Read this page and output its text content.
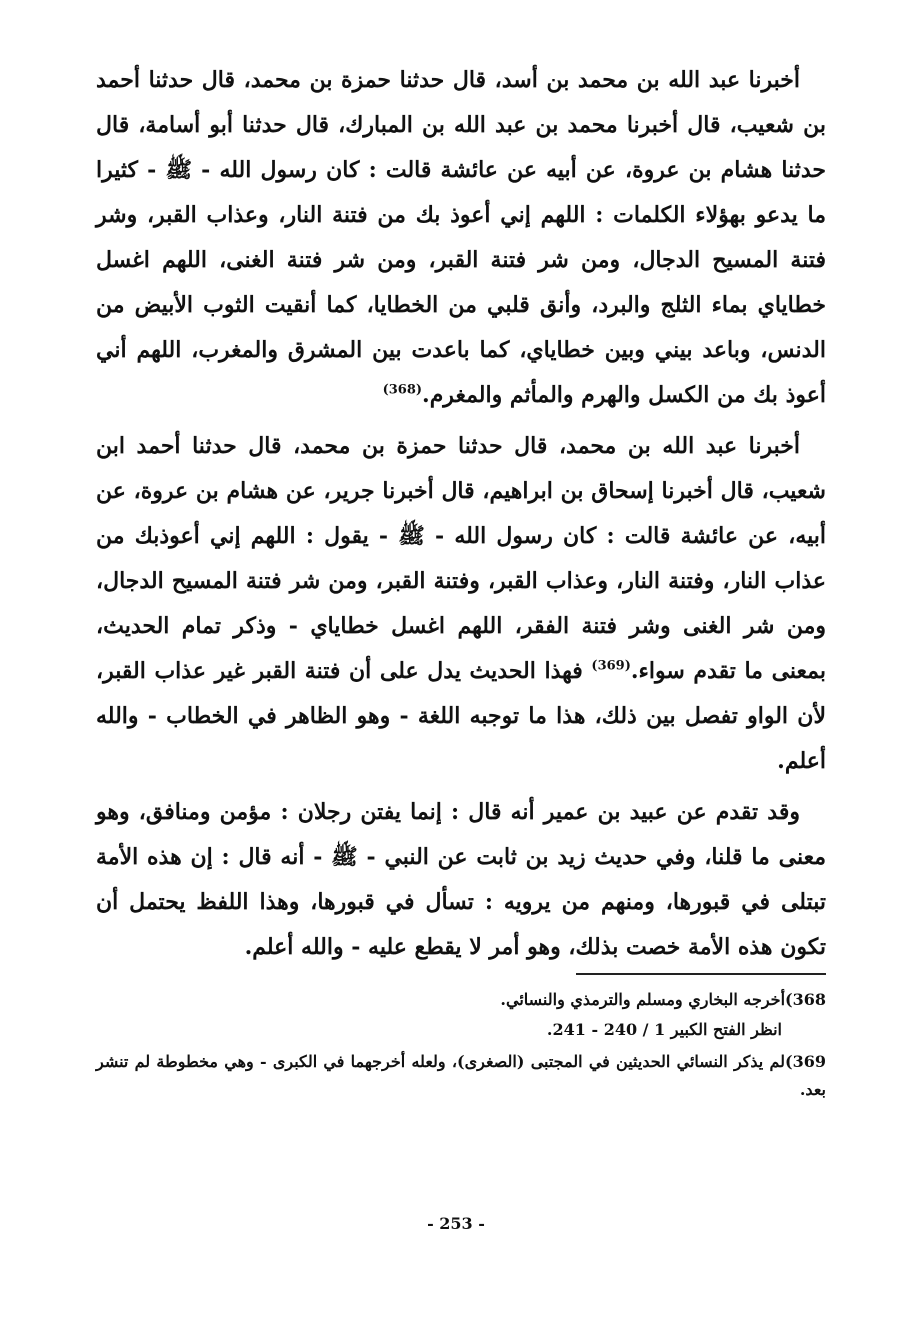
أخبرنا عبد الله بن محمد بن أسد، قال حدثنا حمزة بن محمد، قال حدثنا أحمد بن شعيب، قال أخبرنا محمد بن عبد الله بن المبارك، قال حدثنا أبو أسامة، قال حدثنا هشام بن عروة، عن أبيه عن عائشة قالت : كان رسول الله - ﷺ - كثيرا ما يدعو بهؤلاء الكلمات : اللهم إني أعوذ بك من فتنة النار، وعذاب القبر، وشر فتنة المسيح الدجال، ومن شر فتنة القبر، ومن شر فتنة الغنى، اللهم اغسل خطاياي بماء الثلج والبرد، وأنق قلبي من الخطايا، كما أنقيت الثوب الأبيض من الدنس، وباعد بيني وبين خطاياي، كما باعدت بين المشرق والمغرب، اللهم أني أعوذ بك من الكسل والهرم والمأثم والمغرم.$^{(368)}$

أخبرنا عبد الله بن محمد، قال حدثنا حمزة بن محمد، قال حدثنا أحمد ابن شعيب، قال أخبرنا إسحاق بن ابراهيم، قال أخبرنا جرير، عن هشام بن عروة، عن أبيه، عن عائشة قالت : كان رسول الله - ﷺ - يقول : اللهم إني أعوذبك من عذاب النار، وفتنة النار، وعذاب القبر، وفتنة القبر، ومن شر فتنة المسيح الدجال، ومن شر الغنى وشر فتنة الفقر، اللهم اغسل خطاياي - وذكر تمام الحديث، بمعنى ما تقدم سواء.$^{(369)}$ فهذا الحديث يدل على أن فتنة القبر غير عذاب القبر، لأن الواو تفصل بين ذلك، هذا ما توجبه اللغة - وهو الظاهر في الخطاب - والله أعلم.

وقد تقدم عن عبيد بن عمير أنه قال : إنما يفتن رجلان : مؤمن ومنافق، وهو معنى ما قلنا، وفي حديث زيد بن ثابت عن النبي - ﷺ - أنه قال : إن هذه الأمة تبتلى في قبورها، ومنهم من يرويه : تسأل في قبورها، وهذا اللفظ يحتمل أن تكون هذه الأمة خصت بذلك، وهو أمر لا يقطع عليه - والله أعلم.

368)أخرجه البخاري ومسلم والترمذي والنسائي.

انظر الفتح الكبير 1 / 240 - 241.

369)لم يذكر النسائي الحديثين في المجتبى (الصغرى)، ولعله أخرجهما في الكبرى - وهي مخطوطة لم تنشر بعد.

- 253 -
